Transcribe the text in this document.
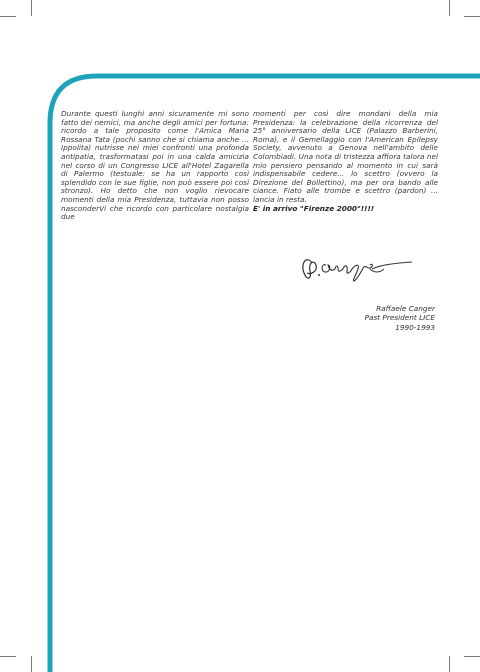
Durante questi lunghi anni sicuramente mi sono fatto dei nemici, ma anche degli amici per fortuna: ricordo a tale proposito come l'Amica Maria Rossana Tata (pochi sanno che si chiama anche ... Ippolita) nutrisse nei miei confronti una profonda antipatia, trasformatasi poi in una calda amicizia nel corso di un Congresso LICE all'Hotel Zagarella di Palermo (testuale: se ha un rapporto così splendido con le sue figlie, non può essere poi così stronzo). Ho detto che non voglio rievocare momenti della mia Presidenza, tuttavia non posso nasconderVi che ricordo con particolare nostalgia due

momenti per così dire mondani della mia Presidenza: la celebrazione della ricorrenza del 25° anniversario della LICE (Palazzo Barberini, Roma), e il Gemellaggio con l'American Epilepsy Society, avvenuto a Genova nell'ambito delle Colombiadi. Una nota di tristezza affiora talora nel mio pensiero pensando al momento in cui sarà indispensabile cedere... lo scettro (ovvero la Direzione del Bollettino), ma per ora bando alle ciance. Fiato alle trombe e scettro (pardon) ... lancia in resta.
E' in arrivo "Firenze 2000"!!!!
Raffaele Canger
Past President LICE
1990-1993
